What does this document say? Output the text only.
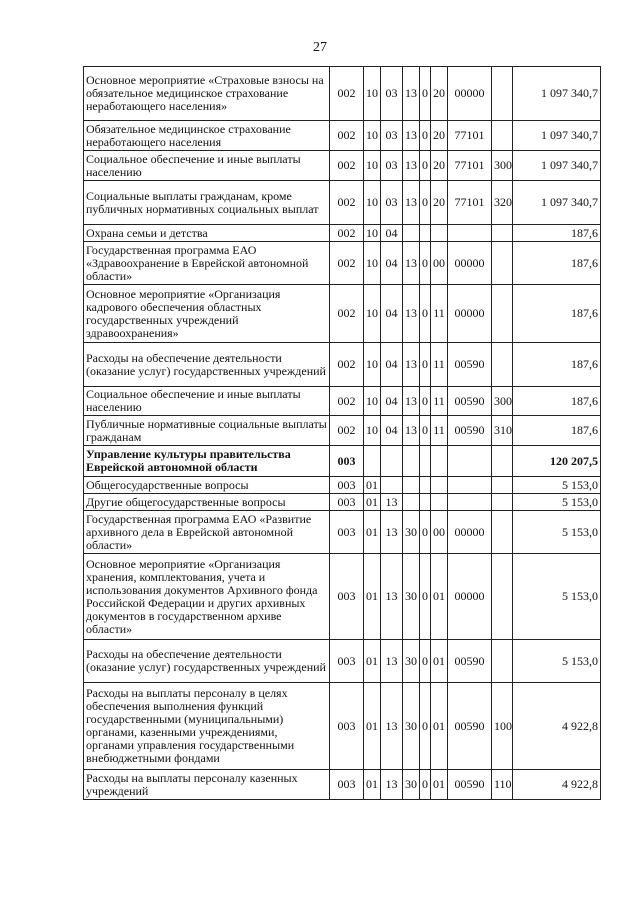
27
Основное мероприятие «Страховые взносы на обязательное медицинское страхование неработающего населения»	002	10	03	13	0	20	00000		1 097 340,7
Обязательное медицинское страхование неработающего населения	002	10	03	13	0	20	77101		1 097 340,7
Социальное обеспечение и иные выплаты населению	002	10	03	13	0	20	77101	300	1 097 340,7
Социальные выплаты гражданам, кроме публичных нормативных социальных выплат	002	10	03	13	0	20	77101	320	1 097 340,7
Охрана семьи и детства	002	10	04						187,6
Государственная программа ЕАО «Здравоохранение в Еврейской автономной области»	002	10	04	13	0	00	00000		187,6
Основное мероприятие «Организация кадрового обеспечения областных государственных учреждений здравоохранения»	002	10	04	13	0	11	00000		187,6
Расходы на обеспечение деятельности (оказание услуг) государственных учреждений	002	10	04	13	0	11	00590		187,6
Социальное обеспечение и иные выплаты населению	002	10	04	13	0	11	00590	300	187,6
Публичные нормативные социальные выплаты гражданам	002	10	04	13	0	11	00590	310	187,6
Управление культуры правительства Еврейской автономной области	003								120 207,5
Общегосударственные вопросы	003	01							5 153,0
Другие общегосударственные вопросы	003	01	13						5 153,0
Государственная программа ЕАО «Развитие архивного дела в Еврейской автономной области»	003	01	13	30	0	00	00000		5 153,0
Основное мероприятие «Организация хранения, комплектования, учета и использования документов Архивного фонда Российской Федерации и других архивных документов в государственном архиве области»	003	01	13	30	0	01	00000		5 153,0
Расходы на обеспечение деятельности (оказание услуг) государственных учреждений	003	01	13	30	0	01	00590		5 153,0
Расходы на выплаты персоналу в целях обеспечения выполнения функций государственными (муниципальными) органами, казенными учреждениями, органами управления государственными внебюджетными фондами	003	01	13	30	0	01	00590	100	4 922,8
Расходы на выплаты персоналу казенных учреждений	003	01	13	30	0	01	00590	110	4 922,8
